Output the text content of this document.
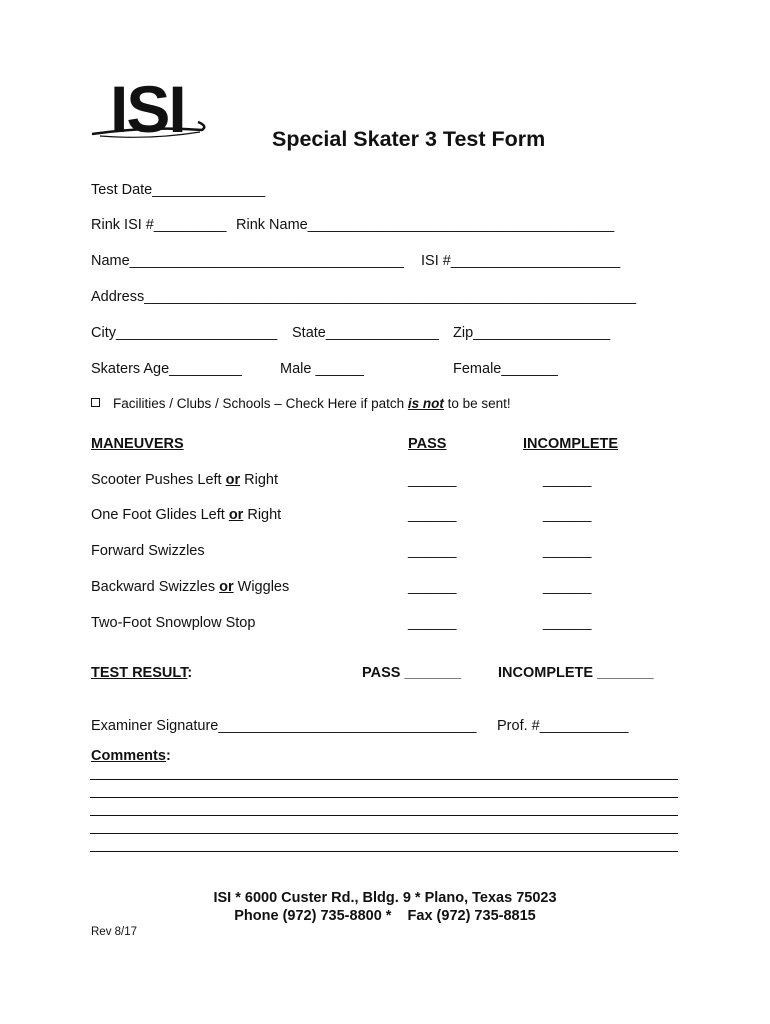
ISI	Special Skater 3 Test Form
Test Date______________
Rink ISI #_________ Rink Name______________________________________
Name__________________________________ ISI #_____________________
Address_____________________________________________________________
City____________________ State______________ Zip_________________
Skaters Age_________	Male ______	Female_______
Facilities / Clubs / Schools – Check Here if patch is not to be sent!
MANEUVERS	PASS	INCOMPLETE
Scooter Pushes Left or Right	______	______
One Foot Glides Left or Right	______	______
Forward Swizzles	______	______
Backward Swizzles or Wiggles	______	______
Two-Foot Snowplow Stop	______	______
TEST RESULT:	PASS _______	INCOMPLETE _______
Examiner Signature________________________________ Prof. #___________
Comments:
ISI * 6000 Custer Rd., Bldg. 9 * Plano, Texas 75023
Phone (972) 735-8800 *    Fax (972) 735-8815
Rev 8/17
